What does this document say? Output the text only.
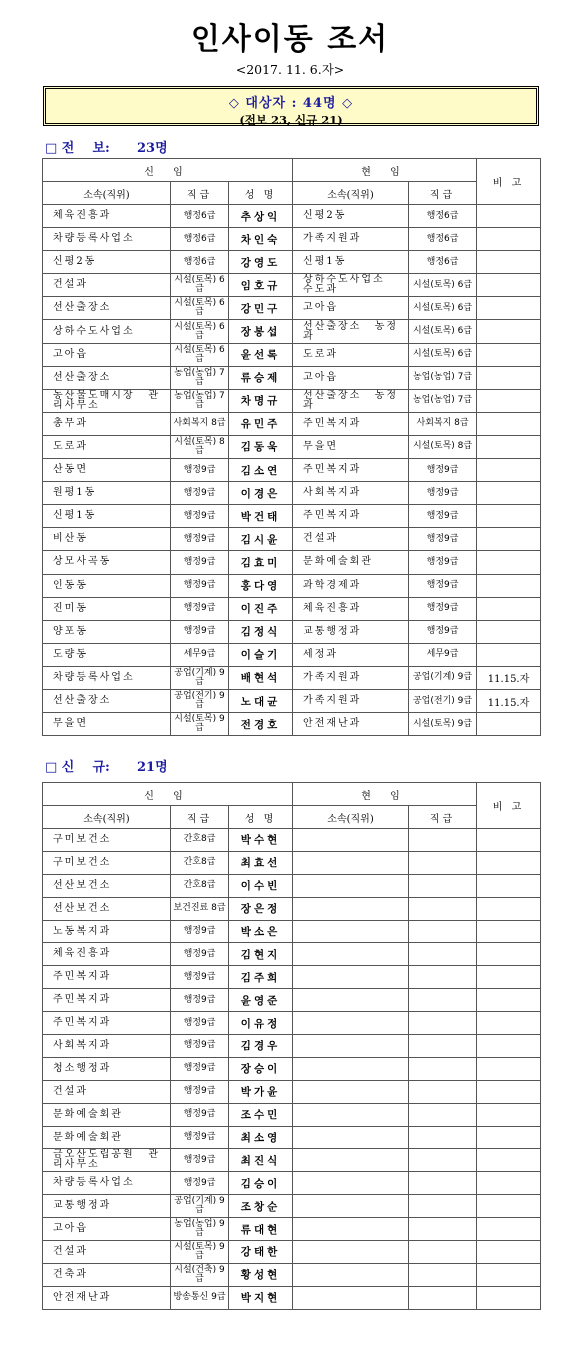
인사이동 조서
<2017. 11. 6.자>
◇ 대상자 : 44명 ◇
(전보 23, 신규 21)
□ 전    보:      23명
신 임			현 임		비 고
소속(직위)	직급	성 명	소속(직위)	직급	
체육진흥과	행정6급	추상익	신평2동	행정6급	
차량등록사업소	행정6급	차인숙	가족지원과	행정6급	
신평2동	행정6급	강영도	신평1동	행정6급	
건설과	시설(토목) 6급	임호규	상하수도사업소 수도과	시설(토목) 6급	
선산출장소	시설(토목) 6급	강민구	고아읍	시설(토목) 6급	
상하수도사업소	시설(토목) 6급	장봉섭	선산출장소 농정과	시설(토목) 6급	
고아읍	시설(토목) 6급	윤선록	도로과	시설(토목) 6급	
선산출장소	농업(농업) 7급	류승제	고아읍	농업(농업) 7급	
농산물도매시장 관리사무소	농업(농업) 7급	차명규	선산출장소 농정과	농업(농업) 7급	
총무과	사회복지 8급	유민주	주민복지과	사회복지 8급	
도로과	시설(토목) 8급	김동욱	무을면	시설(토목) 8급	
산동면	행정9급	김소연	주민복지과	행정9급	
원평1동	행정9급	이경은	사회복지과	행정9급	
신평1동	행정9급	박건태	주민복지과	행정9급	
비산동	행정9급	김시윤	건설과	행정9급	
상모사곡동	행정9급	김효미	문화예술회관	행정9급	
인동동	행정9급	홍다영	과학경제과	행정9급	
진미동	행정9급	이진주	체육진흥과	행정9급	
양포동	행정9급	김정식	교통행정과	행정9급	
도량동	세무9급	이슬기	세정과	세무9급	
차량등록사업소	공업(기계) 9급	배현석	가족지원과	공업(기계) 9급	11.15.자
선산출장소	공업(전기) 9급	노대균	가족지원과	공업(전기) 9급	11.15.자
무을면	시설(토목) 9급	전경호	안전재난과	시설(토목) 9급	
□ 신    규:      21명
신 임			현 임		비 고
소속(직위)	직급	성 명	소속(직위)	직급	
구미보건소	간호8급	박수현			
구미보건소	간호8급	최효선			
선산보건소	간호8급	이수빈			
선산보건소	보건진료 8급	장은정			
노동복지과	행정9급	박소은			
체육진흥과	행정9급	김현지			
주민복지과	행정9급	김주희			
주민복지과	행정9급	윤영준			
주민복지과	행정9급	이유정			
사회복지과	행정9급	김경우			
청소행정과	행정9급	장승이			
건설과	행정9급	박가윤			
문화예술회관	행정9급	조수민			
문화예술회관	행정9급	최소영			
금오산도립공원 관리사무소	행정9급	최진식			
차량등록사업소	행정9급	김승이			
교통행정과	공업(기계) 9급	조창순			
고아읍	농업(농업) 9급	류대현			
건설과	시설(토목) 9급	강태한			
건축과	시설(건축) 9급	황성현			
안전재난과	방송통신 9급	박지현			
